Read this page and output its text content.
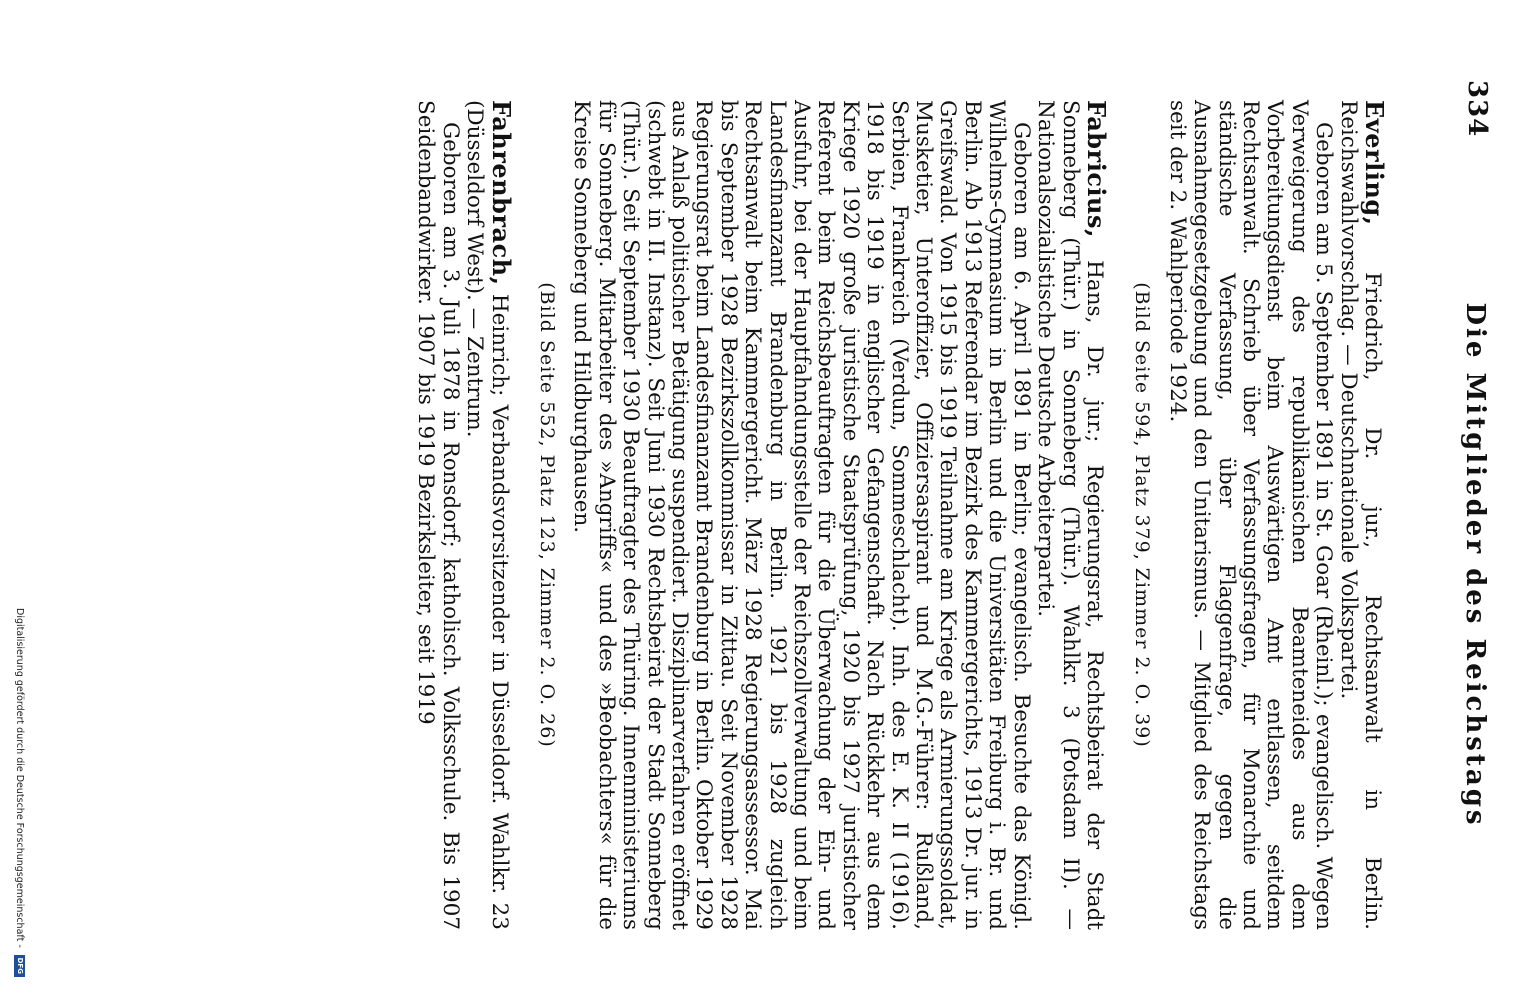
334
Die Mitglieder des Reichstags

Everling, Friedrich, Dr. jur., Rechtsanwalt in Berlin. Reichswahlvorschlag. — Deutschnationale Volkspartei.

Geboren am 5. September 1891 in St. Goar (Rheinl.); evangelisch. Wegen Verweigerung des republikanischen Beamteneides aus dem Vorbereitungsdienst beim Auswärtigen Amt entlassen, seitdem Rechtsanwalt. Schrieb über Verfassungsfragen, für Monarchie und ständische Verfassung, über Flaggenfrage, gegen die Ausnahmegesetzgebung und den Unitarismus. — Mitglied des Reichstags seit der 2. Wahlperiode 1924.

(Bild Seite 594, Platz 379, Zimmer 2. O. 39)

Fabricius, Hans, Dr. jur.; Regierungsrat, Rechtsbeirat der Stadt Sonneberg (Thür.) in Sonneberg (Thür.). Wahlkr. 3 (Potsdam II). — Nationalsozialistische Deutsche Arbeiterpartei.

Geboren am 6. April 1891 in Berlin; evangelisch. Besuchte das Königl. Wilhelms-Gymnasium in Berlin und die Universitäten Freiburg i. Br. und Berlin. Ab 1913 Referendar im Bezirk des Kammergerichts, 1913 Dr. jur. in Greifswald. Von 1915 bis 1919 Teilnahme am Kriege als Armierungssoldat, Musketier, Unteroffizier, Offiziersaspirant und M.G.-Führer: Rußland, Serbien, Frankreich (Verdun, Sommeschlacht). Inh. des E. K. II (1916). 1918 bis 1919 in englischer Gefangenschaft. Nach Rückkehr aus dem Kriege 1920 große juristische Staatsprüfung, 1920 bis 1927 juristischer Referent beim Reichsbeauftragten für die Überwachung der Ein- und Ausfuhr, bei der Hauptfahndungsstelle der Reichszollverwaltung und beim Landesfinanzamt Brandenburg in Berlin. 1921 bis 1928 zugleich Rechtsanwalt beim Kammergericht. März 1928 Regierungsassessor. Mai bis September 1928 Bezirkszollkommissar in Zittau. Seit November 1928 Regierungsrat beim Landesfinanzamt Brandenburg in Berlin. Oktober 1929 aus Anlaß politischer Betätigung suspendiert. Disziplinarverfahren eröffnet (schwebt in II. Instanz). Seit Juni 1930 Rechtsbeirat der Stadt Sonneberg (Thür.). Seit September 1930 Beauftragter des Thüring. Innenministeriums für Sonneberg. Mitarbeiter des »Angriffs« und des »Beobachters« für die Kreise Sonneberg und Hildburghausen.

(Bild Seite 552, Platz 123, Zimmer 2. O. 26)

Fahrenbrach, Heinrich; Verbandsvorsitzender in Düsseldorf. Wahlkr. 23 (Düsseldorf West). — Zentrum.

Geboren am 3. Juli 1878 in Ronsdorf; katholisch. Volksschule. Bis 1907 Seidenbandwirker. 1907 bis 1919 Bezirksleiter, seit 1919

Digitalisierung gefördert durch die Deutsche Forschungsgemeinschaft - DFG
